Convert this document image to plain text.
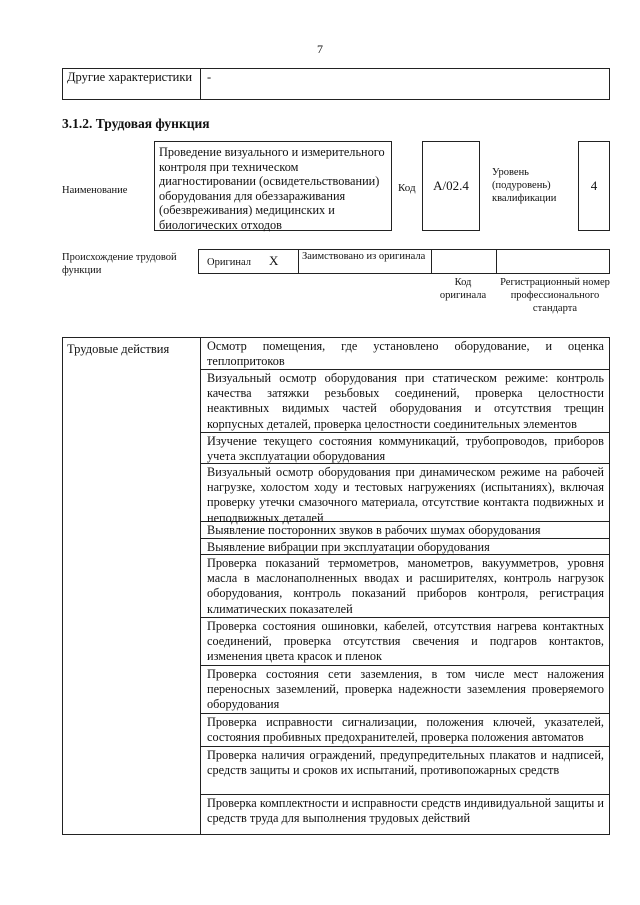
7
Другие характеристики	-
3.1.2. Трудовая функция
Наименование
Проведение визуального и измерительного контроля при техническом диагностировании (освидетельствовании) оборудования для обеззараживания (обезвреживания) медицинских и биологических отходов
Код	A/02.4
Уровень (подуровень) квалификации
4
Происхождение трудовой функции
Оригинал X Заимствовано из оригинала
Код оригинала
Регистрационный номер профессионального стандарта
Трудовые действия	Осмотр помещения, где установлено оборудование, и оценка теплопритоков
Визуальный осмотр оборудования при статическом режиме: контроль качества затяжки резьбовых соединений, проверка целостности неактивных видимых частей оборудования и отсутствия трещин корпусных деталей, проверка целостности соединительных элементов
Изучение текущего состояния коммуникаций, трубопроводов, приборов учета эксплуатации оборудования
Визуальный осмотр оборудования при динамическом режиме на рабочей нагрузке, холостом ходу и тестовых нагружениях (испытаниях), включая проверку утечки смазочного материала, отсутствие контакта подвижных и неподвижных деталей
Выявление посторонних звуков в рабочих шумах оборудования
Выявление вибрации при эксплуатации оборудования
Проверка показаний термометров, манометров, вакуумметров, уровня масла в маслонаполненных вводах и расширителях, контроль нагрузок оборудования, контроль показаний приборов контроля, регистрация климатических показателей
Проверка состояния ошиновки, кабелей, отсутствия нагрева контактных соединений, проверка отсутствия свечения и подгаров контактов, изменения цвета красок и пленок
Проверка состояния сети заземления, в том числе мест наложения переносных заземлений, проверка надежности заземления проверяемого оборудования
Проверка исправности сигнализации, положения ключей, указателей, состояния пробивных предохранителей, проверка положения автоматов
Проверка наличия ограждений, предупредительных плакатов и надписей, средств защиты и сроков их испытаний, противопожарных средств
Проверка комплектности и исправности средств индивидуальной защиты и средств труда для выполнения трудовых действий
